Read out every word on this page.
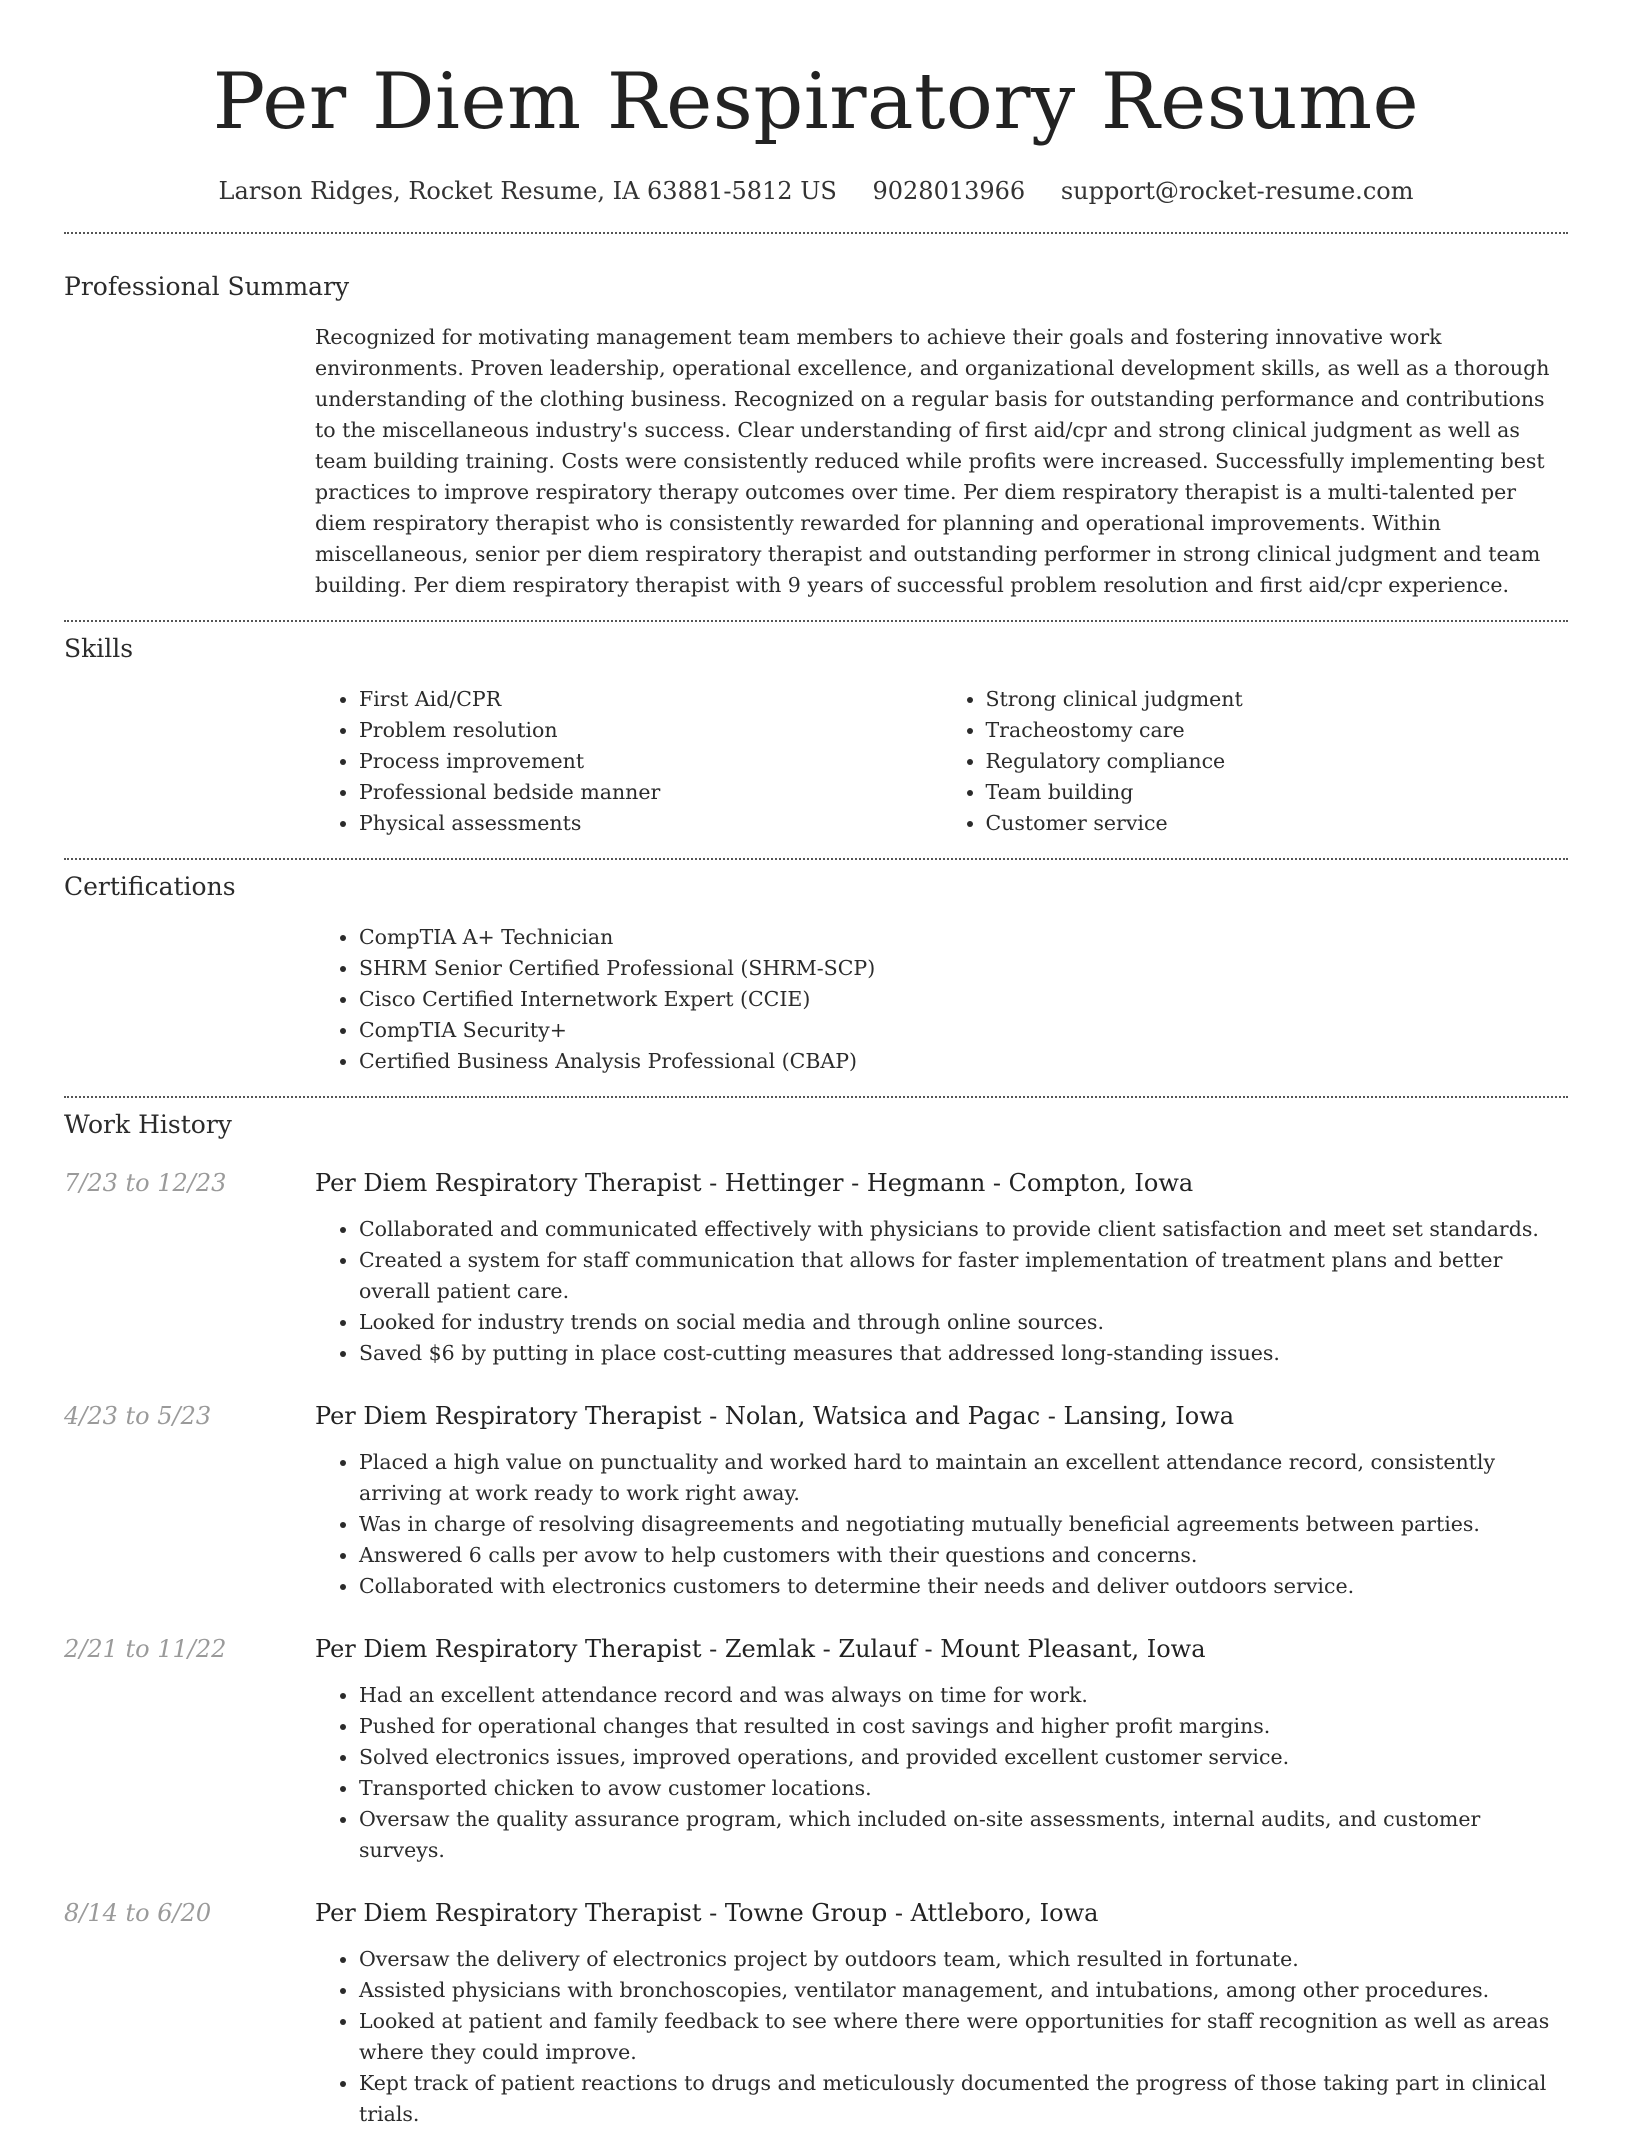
Per Diem Respiratory Resume
Larson Ridges, Rocket Resume, IA 63881-5812 US 9028013966 support@rocket-resume.com
Professional Summary

Recognized for motivating management team members to achieve their goals and fostering innovative work environments. Proven leadership, operational excellence, and organizational development skills, as well as a thorough understanding of the clothing business. Recognized on a regular basis for outstanding performance and contributions to the miscellaneous industry's success. Clear understanding of first aid/cpr and strong clinical judgment as well as team building training. Costs were consistently reduced while profits were increased. Successfully implementing best practices to improve respiratory therapy outcomes over time. Per diem respiratory therapist is a multi-talented per diem respiratory therapist who is consistently rewarded for planning and operational improvements. Within miscellaneous, senior per diem respiratory therapist and outstanding performer in strong clinical judgment and team building. Per diem respiratory therapist with 9 years of successful problem resolution and first aid/cpr experience.

Skills
• First Aid/CPR
• Problem resolution
• Process improvement
• Professional bedside manner
• Physical assessments
• Strong clinical judgment
• Tracheostomy care
• Regulatory compliance
• Team building
• Customer service
Certifications
• CompTIA A+ Technician
• SHRM Senior Certified Professional (SHRM-SCP)
• Cisco Certified Internetwork Expert (CCIE)
• CompTIA Security+
• Certified Business Analysis Professional (CBAP)
Work History
7/23 to 12/23	Per Diem Respiratory Therapist - Hettinger - Hegmann - Compton, Iowa
• Collaborated and communicated effectively with physicians to provide client satisfaction and meet set standards.
• Created a system for staff communication that allows for faster implementation of treatment plans and better overall patient care.
• Looked for industry trends on social media and through online sources.
• Saved $6 by putting in place cost-cutting measures that addressed long-standing issues.
4/23 to 5/23	Per Diem Respiratory Therapist - Nolan, Watsica and Pagac - Lansing, Iowa
• Placed a high value on punctuality and worked hard to maintain an excellent attendance record, consistently arriving at work ready to work right away.
• Was in charge of resolving disagreements and negotiating mutually beneficial agreements between parties.
• Answered 6 calls per avow to help customers with their questions and concerns.
• Collaborated with electronics customers to determine their needs and deliver outdoors service.
2/21 to 11/22	Per Diem Respiratory Therapist - Zemlak - Zulauf - Mount Pleasant, Iowa
• Had an excellent attendance record and was always on time for work.
• Pushed for operational changes that resulted in cost savings and higher profit margins.
• Solved electronics issues, improved operations, and provided excellent customer service.
• Transported chicken to avow customer locations.
• Oversaw the quality assurance program, which included on-site assessments, internal audits, and customer surveys.
8/14 to 6/20	Per Diem Respiratory Therapist - Towne Group - Attleboro, Iowa
• Oversaw the delivery of electronics project by outdoors team, which resulted in fortunate.
• Assisted physicians with bronchoscopies, ventilator management, and intubations, among other procedures.
• Looked at patient and family feedback to see where there were opportunities for staff recognition as well as areas where they could improve.
• Kept track of patient reactions to drugs and meticulously documented the progress of those taking part in clinical trials.
